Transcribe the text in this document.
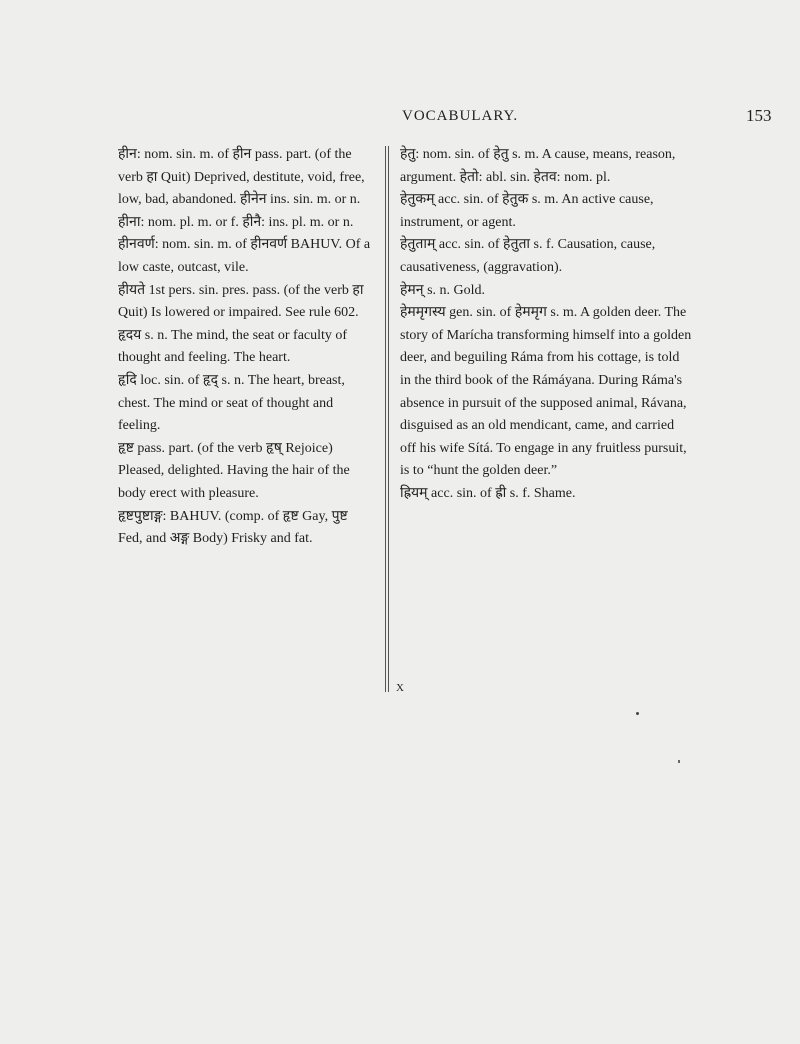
VOCABULARY.	153

हीन: nom. sin. m. of हीन pass. part. (of the verb हा Quit) Deprived, destitute, void, free, low, bad, abandoned. हीनेन ins. sin. m. or n. हीना: nom. pl. m. or f. हीनै: ins. pl. m. or n.

हीनवर्ण: nom. sin. m. of हीनवर्ण BAHUV. Of a low caste, outcast, vile.

हीयते 1st pers. sin. pres. pass. (of the verb हा Quit) Is lowered or impaired. See rule 602.

हृदय s. n. The mind, the seat or faculty of thought and feeling. The heart.

हृदि loc. sin. of हृद् s. n. The heart, breast, chest. The mind or seat of thought and feeling.

हृष्ट pass. part. (of the verb हृष् Rejoice) Pleased, delighted. Having the hair of the body erect with pleasure.

हृष्टपुष्टाङ्ग: BAHUV. (comp. of हृष्ट Gay, पुष्ट Fed, and अङ्ग Body) Frisky and fat.

हेतु: nom. sin. of हेतु s. m. A cause, means, reason, argument. हेतो: abl. sin. हेतव: nom. pl.

हेतुकम् acc. sin. of हेतुक s. m. An active cause, instrument, or agent.

हेतुताम् acc. sin. of हेतुता s. f. Causation, cause, causativeness, (aggravation).

हेमन् s. n. Gold.

हेममृगस्य gen. sin. of हेममृग s. m. A golden deer. The story of Marícha transforming himself into a golden deer, and beguiling Ráma from his cottage, is told in the third book of the Rámáyana. During Ráma's absence in pursuit of the supposed animal, Rávana, disguised as an old mendicant, came, and carried off his wife Sítá. To engage in any fruitless pursuit, is to “hunt the golden deer.”

ह्रियम् acc. sin. of ह्री s. f. Shame.

X
